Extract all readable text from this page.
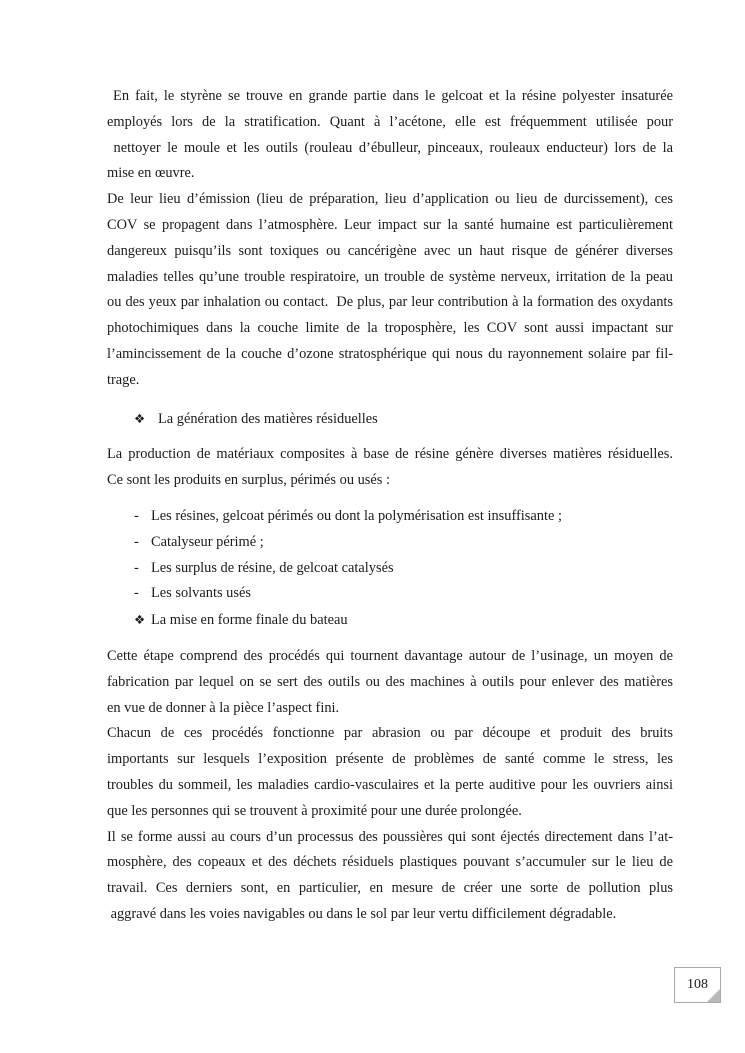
En fait, le styrène se trouve en grande partie dans le gelcoat et la résine polyester insaturée
employés lors de la stratification. Quant à l’acétone, elle est fréquemment utilisée pour
nettoyer le moule et les outils (rouleau d’ébulleur, pinceaux, rouleaux enducteur) lors de la
mise en œuvre.
De leur lieu d’émission (lieu de préparation, lieu d’application ou lieu de durcissement), ces
COV se propagent dans l’atmosphère. Leur impact sur la santé humaine est particulièrement
dangereux puisqu’ils sont toxiques ou cancérigène avec un haut risque de générer diverses
maladies telles qu’une trouble respiratoire, un trouble de système nerveux, irritation de la peau
ou des yeux par inhalation ou contact.  De plus, par leur contribution à la formation des oxydants
photochimiques dans la couche limite de la troposphère, les COV sont aussi impactant sur
l’amincissement de la couche d’ozone stratosphérique qui nous du rayonnement solaire par fil-
trage.
❖ La génération des matières résiduelles
La production de matériaux composites à base de résine génère diverses matières résiduelles.
Ce sont les produits en surplus, périmés ou usés :
- Les résines, gelcoat périmés ou dont la polymérisation est insuffisante ;
- Catalyseur périmé ;
- Les surplus de résine, de gelcoat catalysés
- Les solvants usés
❖ La mise en forme finale du bateau
Cette étape comprend des procédés qui tournent davantage autour de l’usinage, un moyen de
fabrication par lequel on se sert des outils ou des machines à outils pour enlever des matières
en vue de donner à la pièce l’aspect fini.
Chacun de ces procédés fonctionne par abrasion ou par découpe et produit des bruits
importants sur lesquels l’exposition présente de problèmes de santé comme le stress, les
troubles du sommeil, les maladies cardio-vasculaires et la perte auditive pour les ouvriers ainsi
que les personnes qui se trouvent à proximité pour une durée prolongée.
Il se forme aussi au cours d’un processus des poussières qui sont éjectés directement dans l’at-
mosphère, des copeaux et des déchets résiduels plastiques pouvant s’accumuler sur le lieu de
travail. Ces derniers sont, en particulier, en mesure de créer une sorte de pollution plus
aggravé dans les voies navigables ou dans le sol par leur vertu difficilement dégradable.
108
